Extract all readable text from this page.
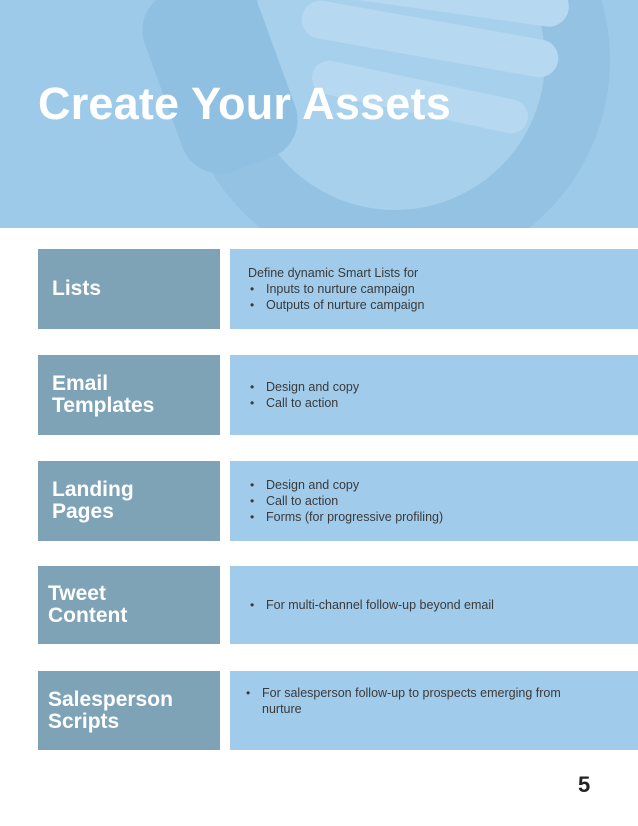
Create Your Assets
Lists
Define dynamic Smart Lists for
• Inputs to nurture campaign
• Outputs of nurture campaign
Email
Templates
• Design and copy
• Call to action
Landing
Pages
• Design and copy
• Call to action
• Forms (for progressive profiling)
Tweet
Content
•	For multi-channel follow-up beyond email
Salesperson
Scripts
• For salesperson follow-up to prospects emerging from nurture
5
